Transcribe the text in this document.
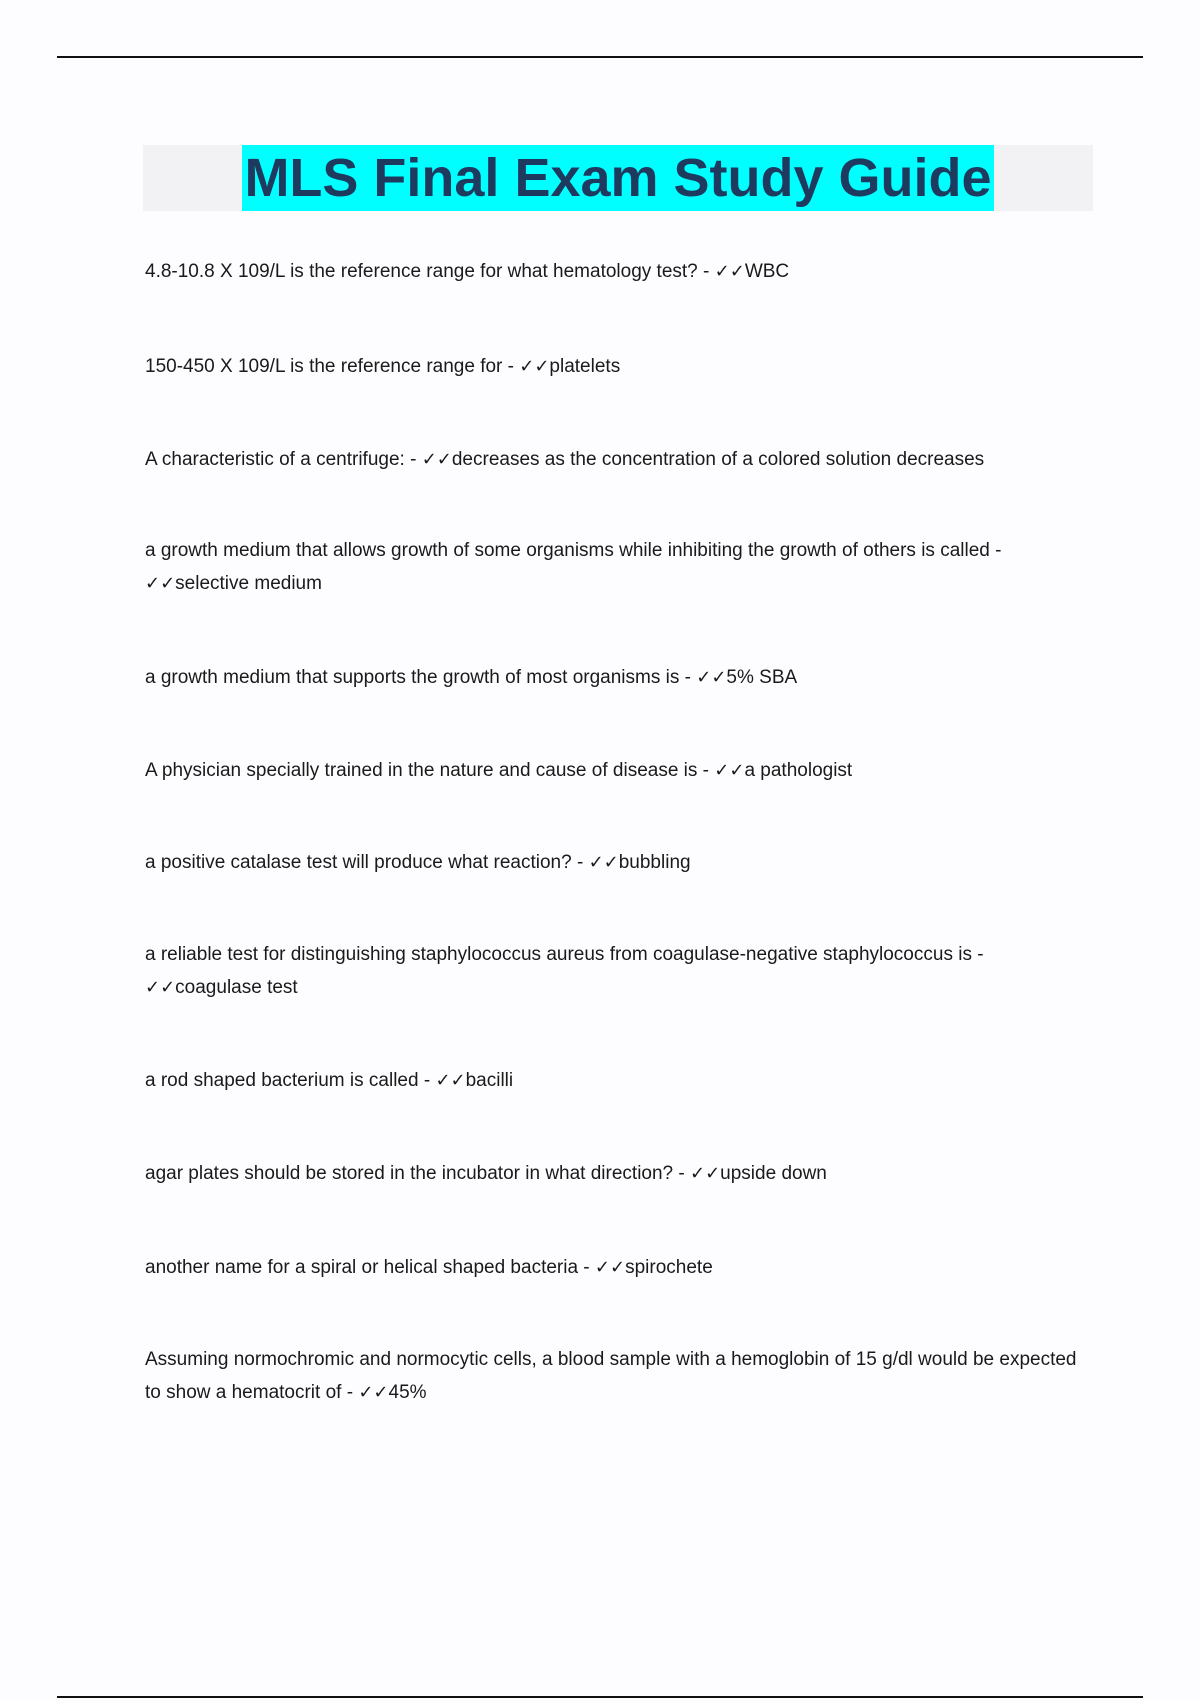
MLS Final Exam Study Guide

4.8-10.8 X 109/L is the reference range for what hematology test? - ✓✓WBC

150-450 X 109/L is the reference range for - ✓✓platelets

A characteristic of a centrifuge: - ✓✓decreases as the concentration of a colored solution decreases

a growth medium that allows growth of some organisms while inhibiting the growth of others is called - ✓✓selective medium

a growth medium that supports the growth of most organisms is - ✓✓5% SBA

A physician specially trained in the nature and cause of disease is - ✓✓a pathologist

a positive catalase test will produce what reaction? - ✓✓bubbling

a reliable test for distinguishing staphylococcus aureus from coagulase-negative staphylococcus is - ✓✓coagulase test

a rod shaped bacterium is called - ✓✓bacilli

agar plates should be stored in the incubator in what direction? - ✓✓upside down

another name for a spiral or helical shaped bacteria - ✓✓spirochete

Assuming normochromic and normocytic cells, a blood sample with a hemoglobin of 15 g/dl would be expected to show a hematocrit of - ✓✓45%
